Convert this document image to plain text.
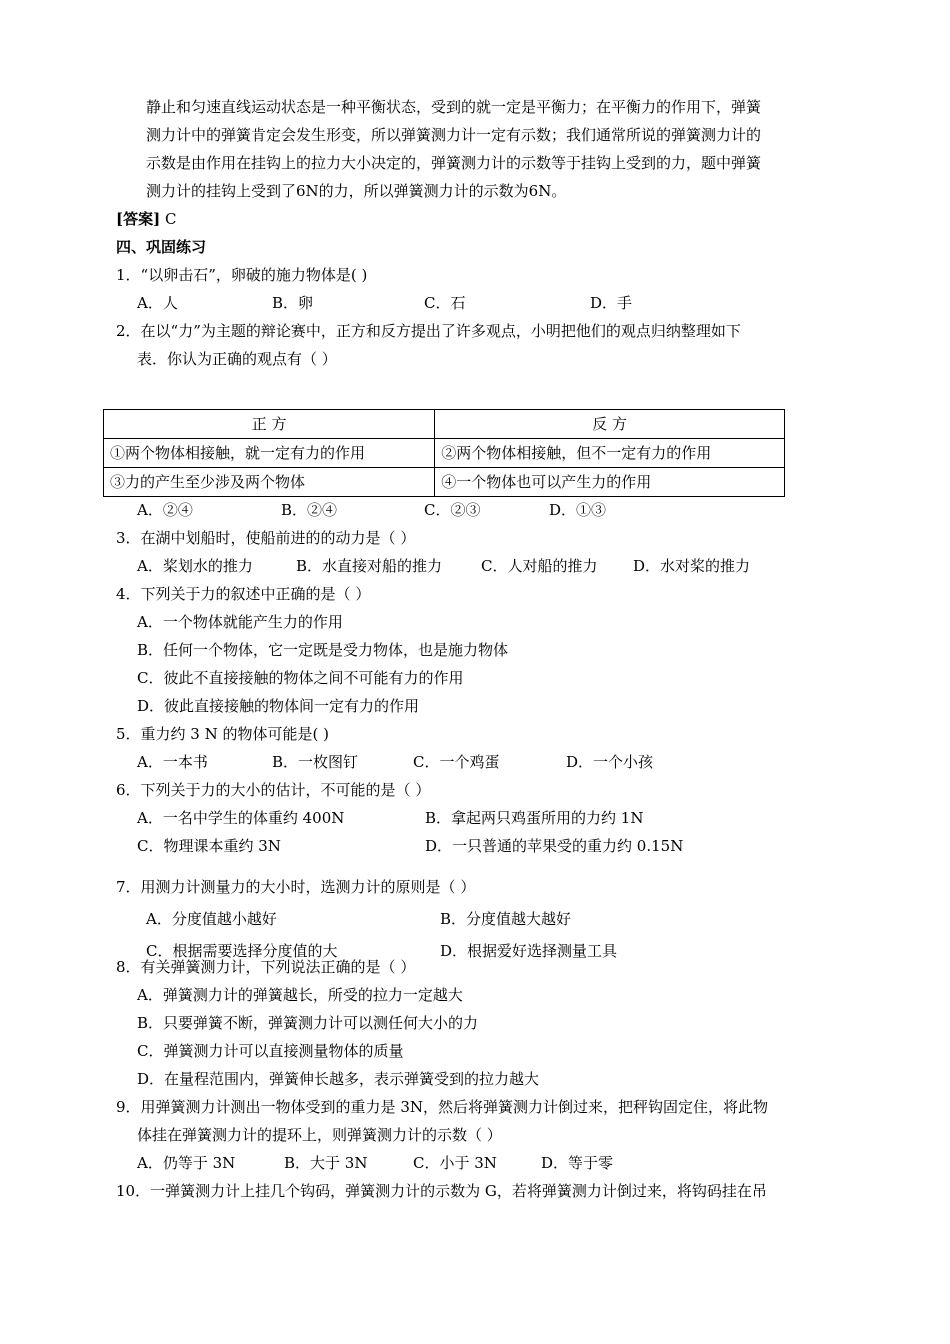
静止和匀速直线运动状态是一种平衡状态，受到的就一定是平衡力；在平衡力的作用下，弹簧
测力计中的弹簧肯定会发生形变，所以弹簧测力计一定有示数；我们通常所说的弹簧测力计的
示数是由作用在挂钩上的拉力大小决定的，弹簧测力计的示数等于挂钩上受到的力，题中弹簧
测力计的挂钩上受到了6N的力，所以弹簧测力计的示数为6N。
[答案] C
四、巩固练习
1．“以卵击石”，卵破的施力物体是( )
A．人	B．卵	C．石	D．手
2．在以“力”为主题的辩论赛中，正方和反方提出了许多观点，小明把他们的观点归纳整理如下
表．你认为正确的观点有（ ）
正 方	反 方
①两个物体相接触，就一定有力的作用	②两个物体相接触，但不一定有力的作用
③力的产生至少涉及两个物体	④一个物体也可以产生力的作用
A．②④	B．②④	C．②③	D．①③
3．在湖中划船时，使船前进的的动力是（ ）
A．桨划水的推力	B．水直接对船的推力	C．人对船的推力 D．水对桨的推力
4．下列关于力的叙述中正确的是（ ）
A．一个物体就能产生力的作用
B．任何一个物体，它一定既是受力物体，也是施力物体
C．彼此不直接接触的物体之间不可能有力的作用
D．彼此直接接触的物体间一定有力的作用
5．重力约 3 N 的物体可能是( )
A．一本书	B．一枚图钉	C．一个鸡蛋	D．一个小孩
6．下列关于力的大小的估计，不可能的是（ ）
A．一名中学生的体重约 400N	B．拿起两只鸡蛋所用的力约 1N
C．物理课本重约 3N	D．一只普通的苹果受的重力约 0.15N
7．用测力计测量力的大小时，选测力计的原则是（ ）
A．分度值越小越好	B．分度值越大越好
C．根据需要选择分度值的大	D．根据爱好选择测量工具
8．有关弹簧测力计，下列说法正确的是（ ）
A．弹簧测力计的弹簧越长，所受的拉力一定越大
B．只要弹簧不断，弹簧测力计可以测任何大小的力
C．弹簧测力计可以直接测量物体的质量
D．在量程范围内，弹簧伸长越多，表示弹簧受到的拉力越大
9．用弹簧测力计测出一物体受到的重力是 3N，然后将弹簧测力计倒过来，把秤钩固定住，将此物
体挂在弹簧测力计的提环上，则弹簧测力计的示数（ ）
A．仍等于 3N	B．大于 3N	C．小于 3N	D．等于零
10．一弹簧测力计上挂几个钩码，弹簧测力计的示数为 G，若将弹簧测力计倒过来，将钩码挂在吊
